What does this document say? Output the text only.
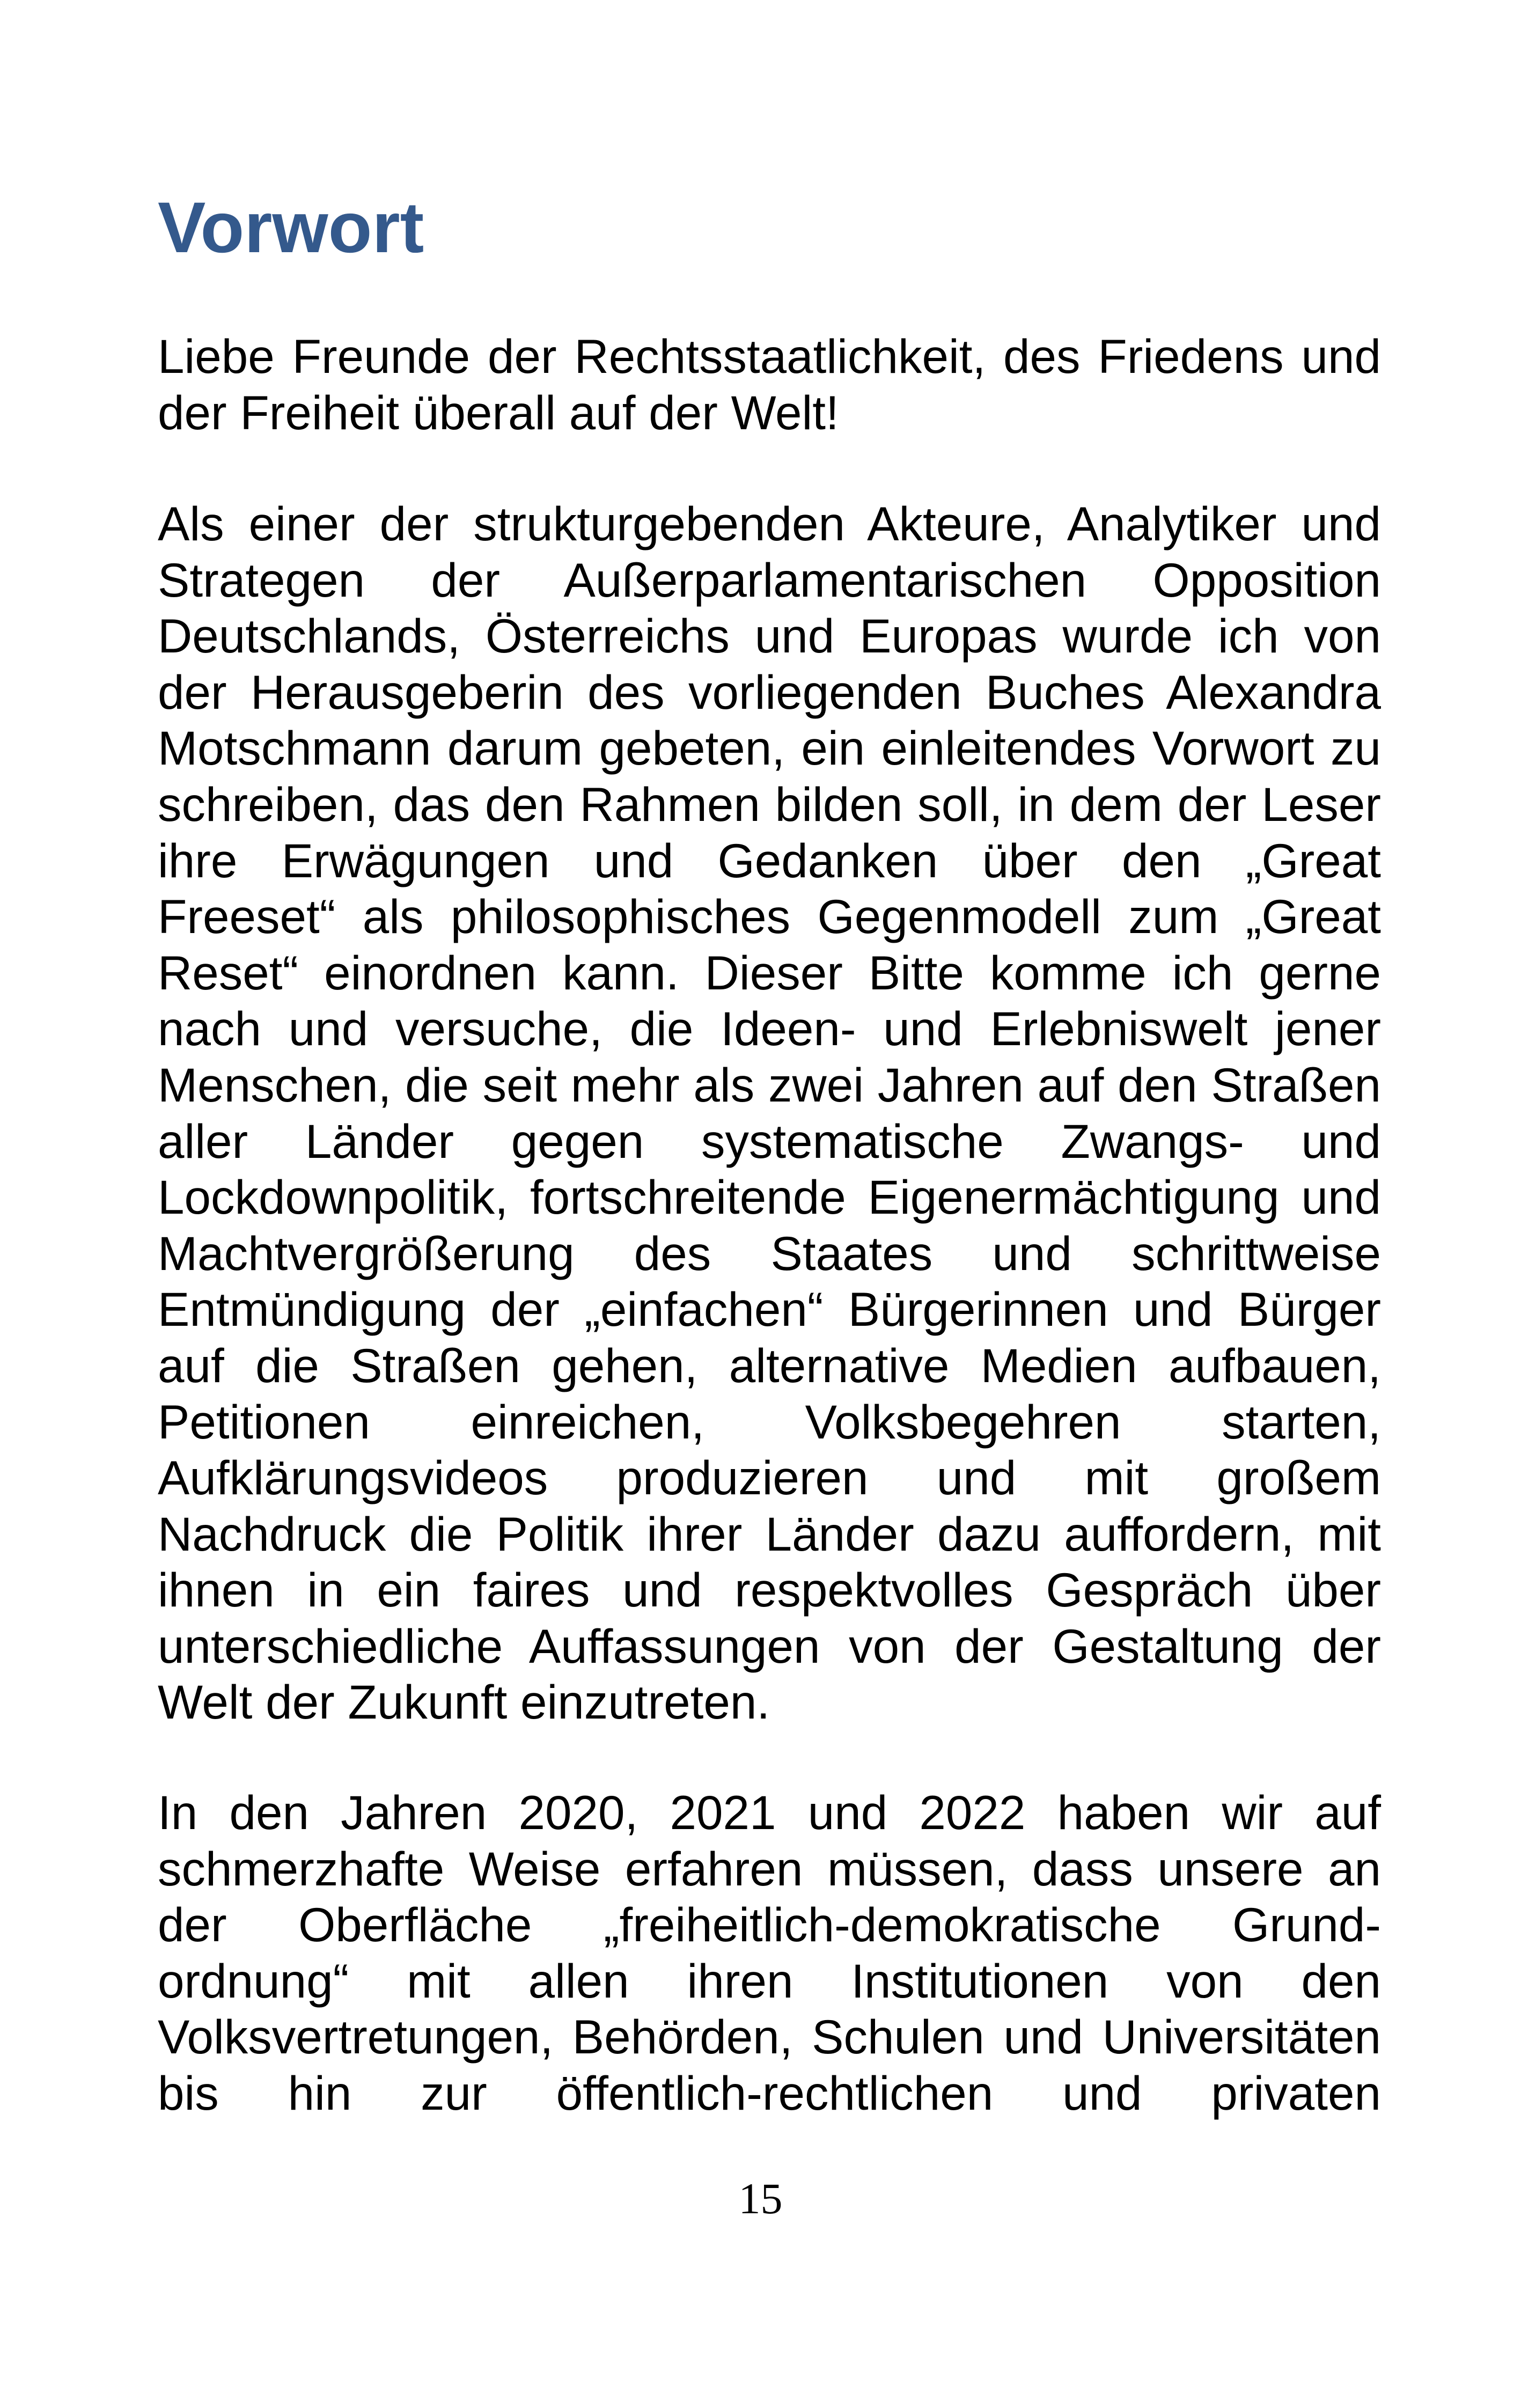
Vorwort

Liebe Freunde der Rechtsstaatlichkeit, des Friedens und
der Freiheit überall auf der Welt!

Als einer der strukturgebenden Akteure, Analytiker und
Strategen der Außerparlamentarischen Opposition
Deutschlands, Österreichs und Europas wurde ich von
der Herausgeberin des vorliegenden Buches Alexandra
Motschmann darum gebeten, ein einleitendes Vorwort zu
schreiben, das den Rahmen bilden soll, in dem der Leser
ihre Erwägungen und Gedanken über den „Great
Freeset“ als philosophisches Gegenmodell zum „Great
Reset“ einordnen kann. Dieser Bitte komme ich gerne
nach und versuche, die Ideen- und Erlebniswelt jener
Menschen, die seit mehr als zwei Jahren auf den Straßen
aller Länder gegen systematische Zwangs- und
Lockdownpolitik, fortschreitende Eigenermächtigung und
Machtvergrößerung des Staates und schrittweise
Entmündigung der „einfachen“ Bürgerinnen und Bürger
auf die Straßen gehen, alternative Medien aufbauen,
Petitionen einreichen, Volksbegehren starten,
Aufklärungsvideos produzieren und mit großem
Nachdruck die Politik ihrer Länder dazu auffordern, mit
ihnen in ein faires und respektvolles Gespräch über
unterschiedliche Auffassungen von der Gestaltung der
Welt der Zukunft einzutreten.

In den Jahren 2020, 2021 und 2022 haben wir auf
schmerzhafte Weise erfahren müssen, dass unsere an
der Oberfläche „freiheitlich-demokratische Grund-
ordnung“ mit allen ihren Institutionen von den
Volksvertretungen, Behörden, Schulen und Universitäten
bis hin zur öffentlich-rechtlichen und privaten

15
